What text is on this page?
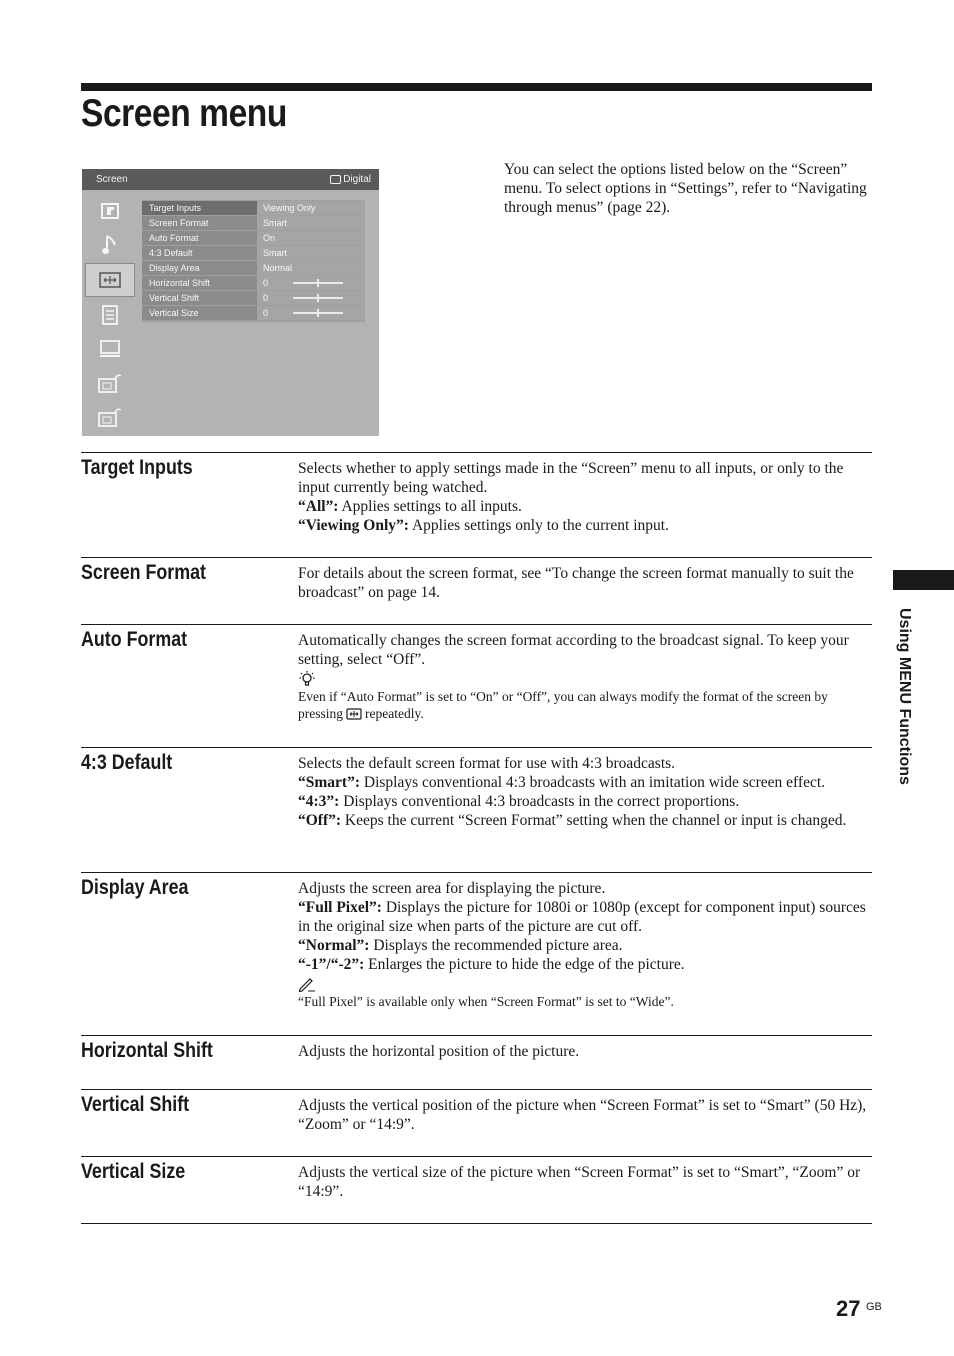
Screen menu
Screen	Digital
Target Inputs	Viewing Only
Screen Format	Smart
Auto Format	On
4:3 Default	Smart
Display Area	Normal
Horizontal Shift	0
Vertical Shift	0
Vertical Size	0

You can select the options listed below on the “Screen” menu. To select options in “Settings”, refer to “Navigating through menus” (page 22).

Target Inputs	Selects whether to apply settings made in the “Screen” menu to all inputs, or only to the input currently being watched.

“All”: Applies settings to all inputs.

“Viewing Only”: Applies settings only to the current input.

Screen Format	For details about the screen format, see “To change the screen format manually to suit the broadcast” on page 14.

Auto Format	Automatically changes the screen format according to the broadcast signal. To keep your setting, select “Off”.

Even if “Auto Format” is set to “On” or “Off”, you can always modify the format of the screen by pressing repeatedly.

4:3 Default	Selects the default screen format for use with 4:3 broadcasts.

“Smart”: Displays conventional 4:3 broadcasts with an imitation wide screen effect.

“4:3”: Displays conventional 4:3 broadcasts in the correct proportions.

“Off”: Keeps the current “Screen Format” setting when the channel or input is changed.

Display Area	Adjusts the screen area for displaying the picture.

“Full Pixel”: Displays the picture for 1080i or 1080p (except for component input) sources in the original size when parts of the picture are cut off.

“Normal”: Displays the recommended picture area.

“-1”/“-2”: Enlarges the picture to hide the edge of the picture.

“Full Pixel” is available only when “Screen Format” is set to “Wide”.

Horizontal Shift	Adjusts the horizontal position of the picture.

Vertical Shift	Adjusts the vertical position of the picture when “Screen Format” is set to “Smart” (50 Hz), “Zoom” or “14:9”.

Vertical Size	Adjusts the vertical size of the picture when “Screen Format” is set to “Smart”, “Zoom” or “14:9”.

Using MENU Functions
27 GB
